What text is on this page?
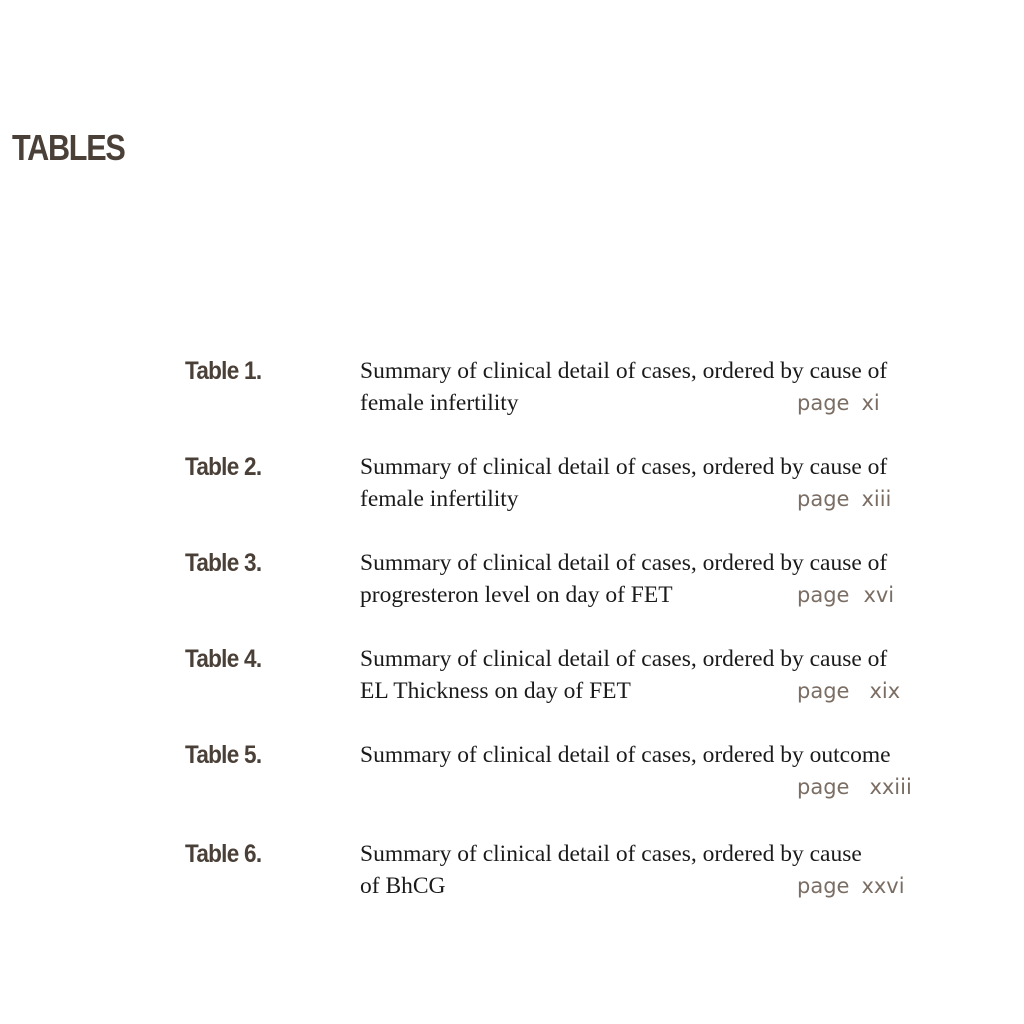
TABLES
Table 1.	Summary of clinical detail of cases, ordered by cause of
female infertility	page xi
Table 2.	Summary of clinical detail of cases, ordered by cause of
female infertility	page xiii
Table 3.	Summary of clinical detail of cases, ordered by cause of
progresteron level on day of FET	page xvi
Table 4.	Summary of clinical detail of cases, ordered by cause of
EL Thickness on day of FET	page xix
Table 5.	Summary of clinical detail of cases, ordered by outcome
page xxiii
Table 6.	Summary of clinical detail of cases, ordered by cause
of BhCG	page xxvi
